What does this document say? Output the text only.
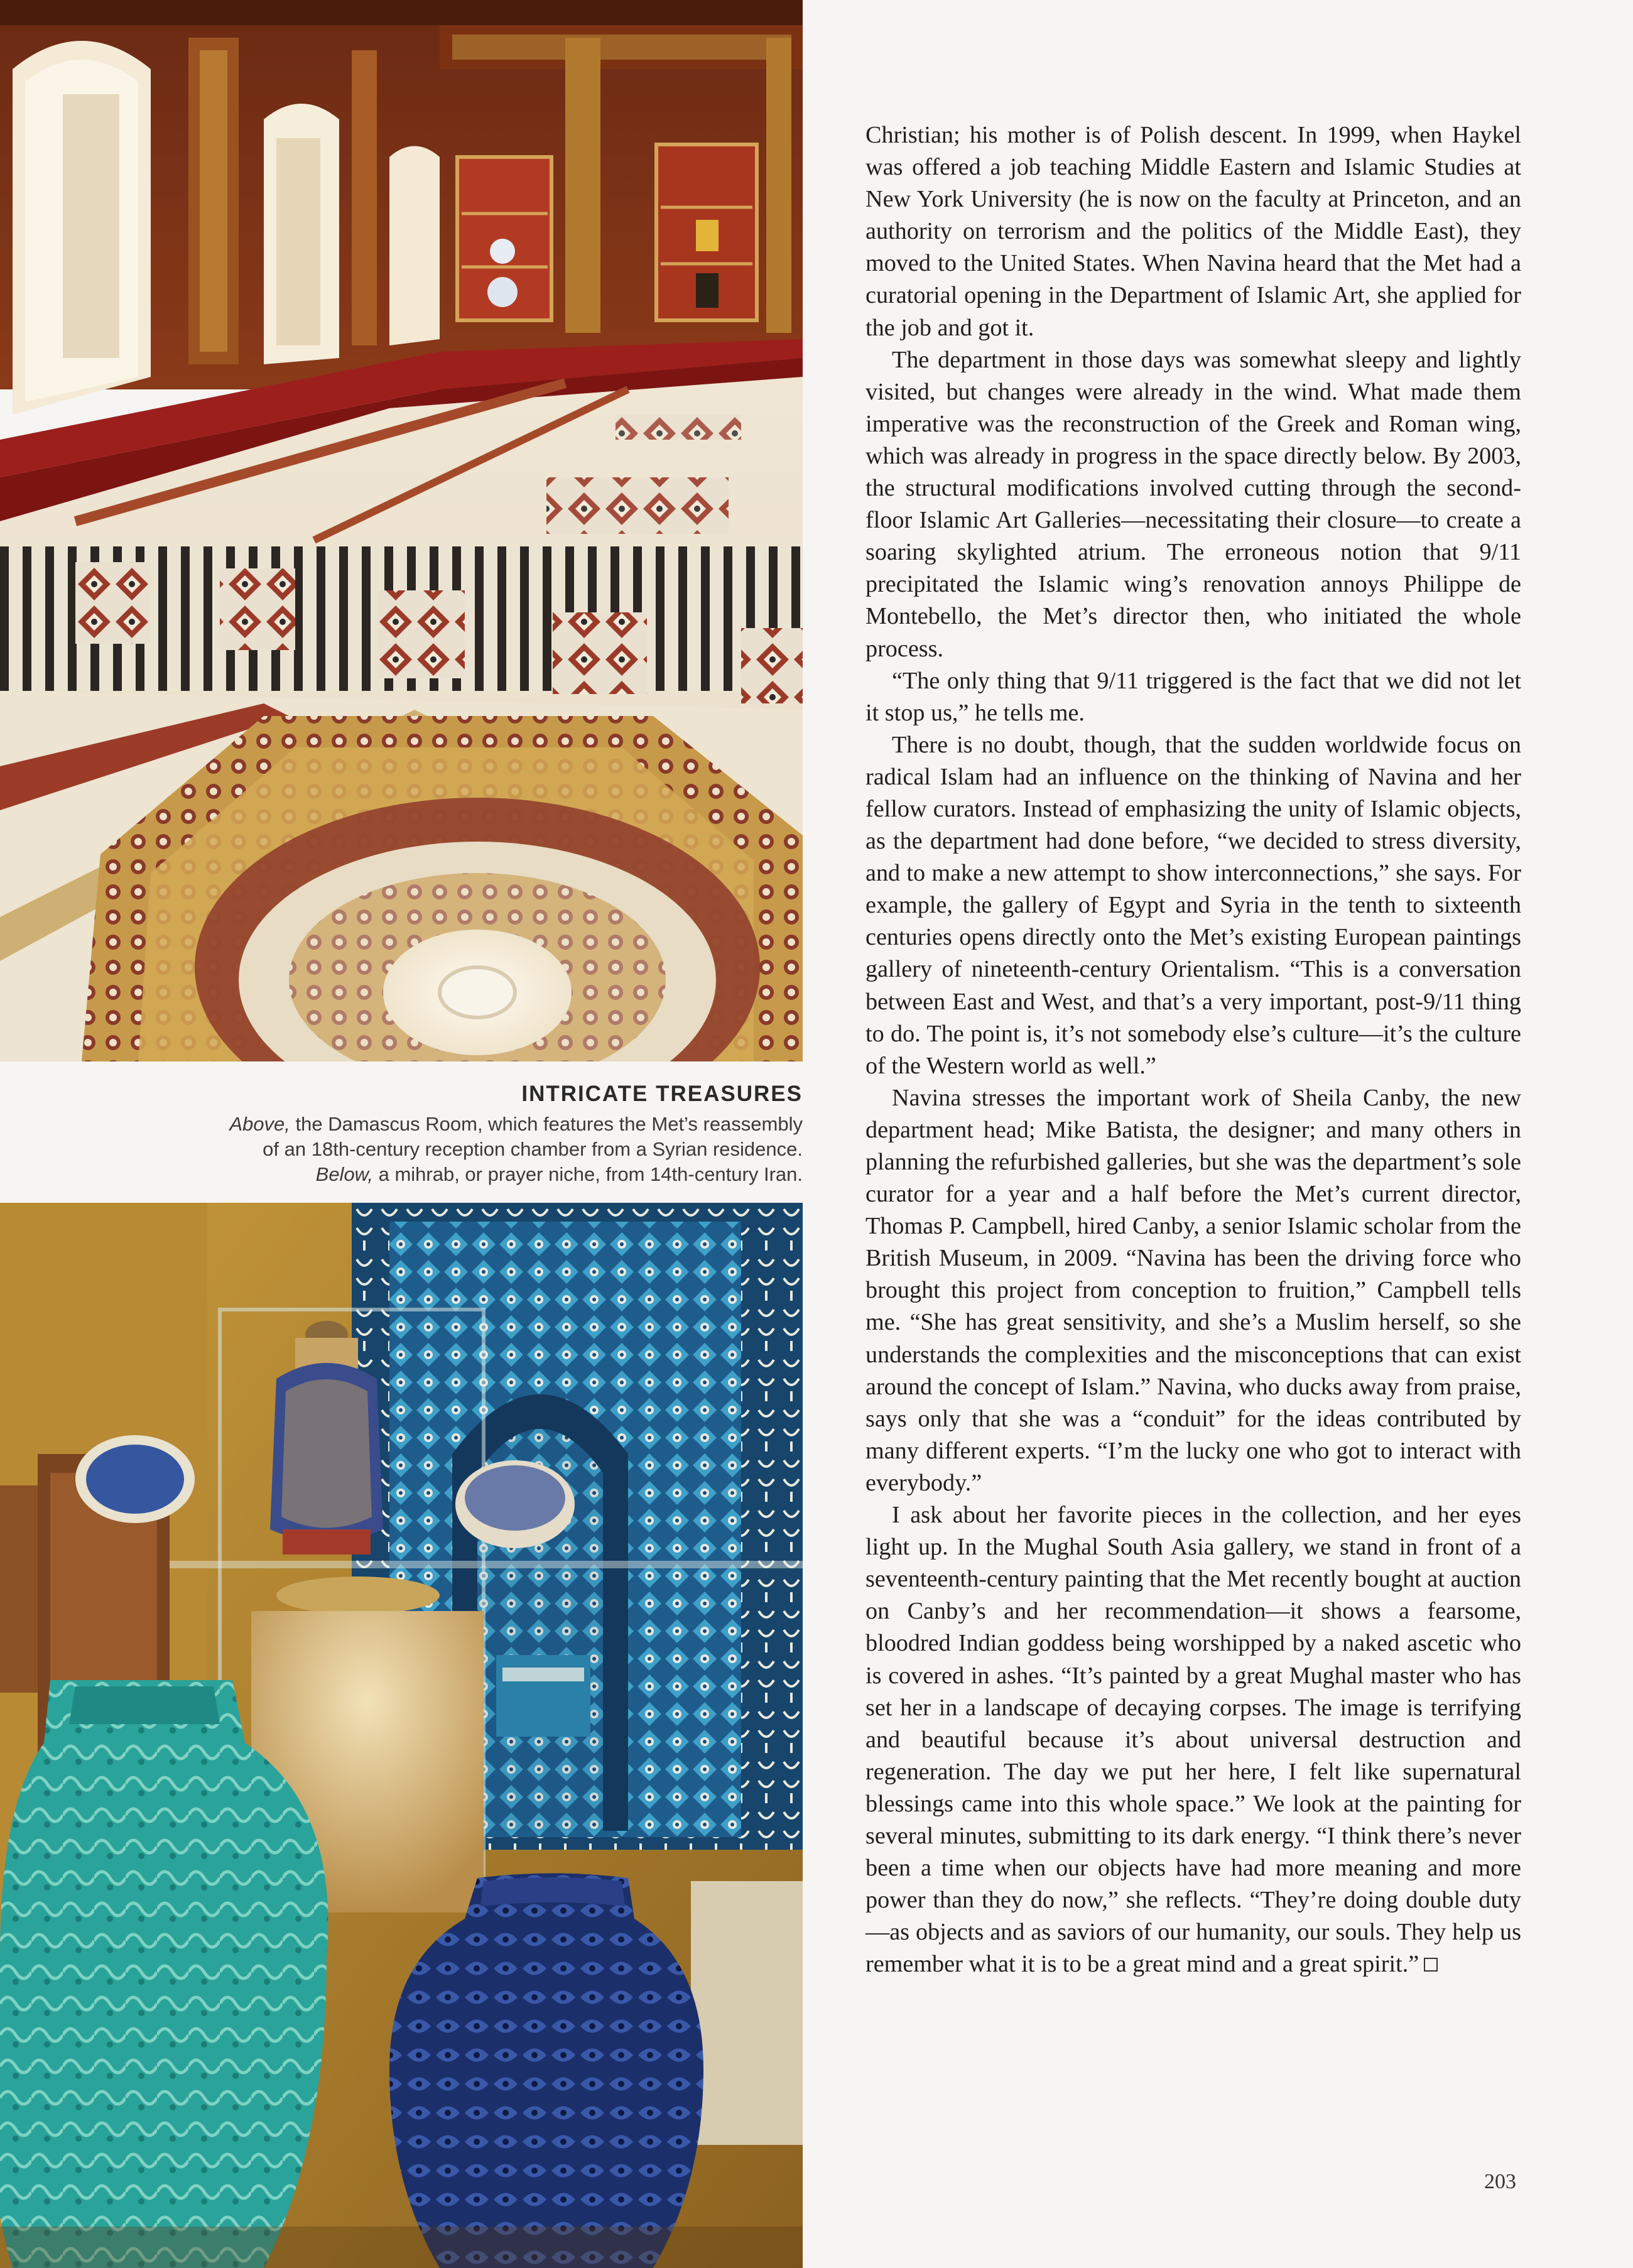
INTRICATE TREASURES
Above, the Damascus Room, which features the Met’s reassembly
of an 18th-century reception chamber from a Syrian residence.
Below, a mihrab, or prayer niche, from 14th-century Iran.

Christian; his mother is of Polish descent. In 1999, when Haykel was offered a job teaching Middle Eastern and Islamic Studies at New York University (he is now on the faculty at Princeton, and an authority on terrorism and the politics of the Middle East), they moved to the United States. When Navina heard that the Met had a curatorial opening in the Department of Islamic Art, she applied for the job and got it.

The department in those days was somewhat sleepy and lightly visited, but changes were already in the wind. What made them imperative was the reconstruction of the Greek and Roman wing, which was already in progress in the space directly below. By 2003, the structural modifications involved cutting through the second-floor Islamic Art Galleries—necessitating their closure—to create a soaring skylighted atrium. The erroneous notion that 9/11 precipitated the Islamic wing’s renovation annoys Philippe de Montebello, the Met’s director then, who initiated the whole process.

“The only thing that 9/11 triggered is the fact that we did not let it stop us,” he tells me.

There is no doubt, though, that the sudden worldwide focus on radical Islam had an influence on the thinking of Navina and her fellow curators. Instead of emphasizing the unity of Islamic objects, as the department had done before, “we decided to stress diversity, and to make a new attempt to show interconnections,” she says. For example, the gallery of Egypt and Syria in the tenth to sixteenth centuries opens directly onto the Met’s existing European paintings gallery of nineteenth-century Orientalism. “This is a conversation between East and West, and that’s a very important, post-9/11 thing to do. The point is, it’s not somebody else’s culture—it’s the culture of the Western world as well.”

Navina stresses the important work of Sheila Canby, the new department head; Mike Batista, the designer; and many others in planning the refurbished galleries, but she was the department’s sole curator for a year and a half before the Met’s current director, Thomas P. Campbell, hired Canby, a senior Islamic scholar from the British Museum, in 2009. “Navina has been the driving force who brought this project from conception to fruition,” Campbell tells me. “She has great sensitivity, and she’s a Muslim herself, so she understands the complexities and the misconceptions that can exist around the concept of Islam.” Navina, who ducks away from praise, says only that she was a “conduit” for the ideas contributed by many different experts. “I’m the lucky one who got to interact with everybody.”

I ask about her favorite pieces in the collection, and her eyes light up. In the Mughal South Asia gallery, we stand in front of a seventeenth-century painting that the Met recently bought at auction on Canby’s and her recommendation—it shows a fearsome, bloodred Indian goddess being worshipped by a naked ascetic who is covered in ashes. “It’s painted by a great Mughal master who has set her in a landscape of decaying corpses. The image is terrifying and beautiful because it’s about universal destruction and regeneration. The day we put her here, I felt like supernatural blessings came into this whole space.” We look at the painting for several minutes, submitting to its dark energy. “I think there’s never been a time when our objects have had more meaning and more power than they do now,” she reflects. “They’re doing double duty—as objects and as saviors of our humanity, our souls. They help us remember what it is to be a great mind and a great spirit.”

203
